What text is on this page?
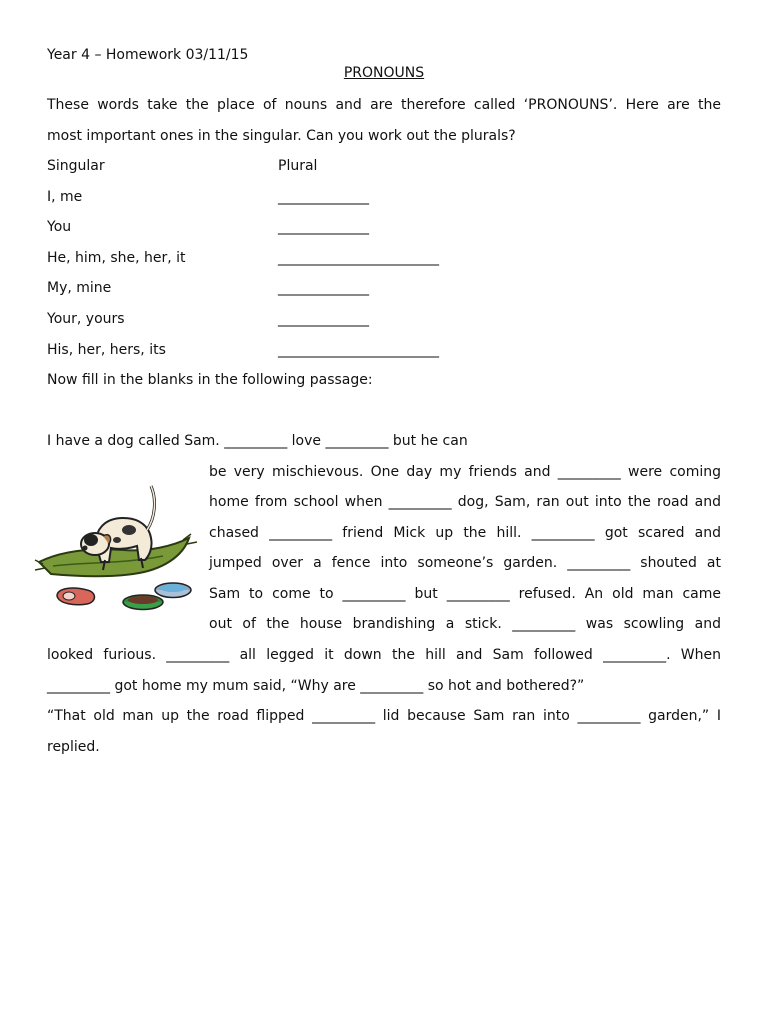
Year 4 – Homework 03/11/15
PRONOUNS
These words take the place of nouns and are therefore called ‘PRONOUNS’. Here are the
most important ones in the singular. Can you work out the plurals?
Singular	Plural
I, me	_____________
You	_____________
He, him, she, her, it	_______________________
My, mine	_____________
Your, yours	_____________
His, her, hers, its	_______________________
Now fill in the blanks in the following passage:
I have a dog called Sam. _________ love _________ but he can
be very mischievous. One day my friends and _________ were coming
home from school when _________ dog, Sam, ran out into the road and
chased _________ friend Mick up the hill. _________ got scared and
jumped over a fence into someone’s garden. _________ shouted at
Sam to come to _________ but _________ refused. An old man came
out of the house brandishing a stick. _________ was scowling and
looked furious. _________ all legged it down the hill and Sam followed _________. When
_________ got home my mum said, “Why are _________ so hot and bothered?”
“That old man up the road flipped _________ lid because Sam ran into _________ garden,” I
replied.
